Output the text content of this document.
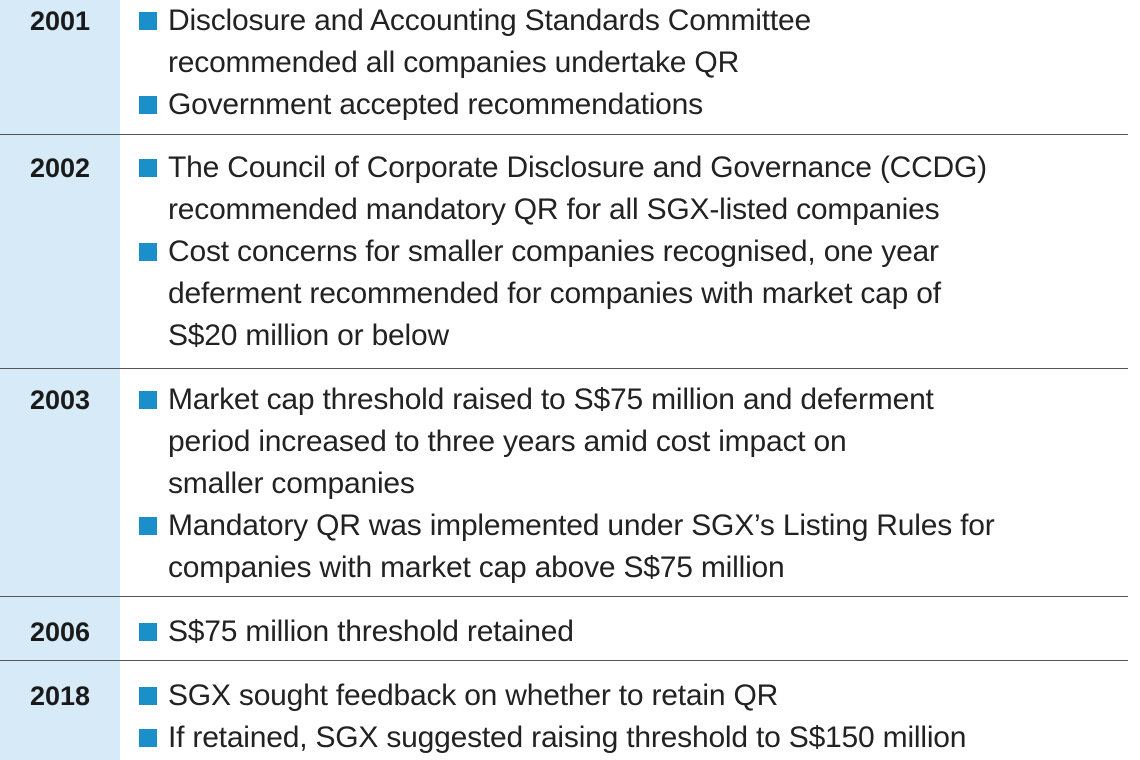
2001	Disclosure and Accounting Standards Committee
recommended all companies undertake QR
Government accepted recommendations
2002	The Council of Corporate Disclosure and Governance (CCDG)
recommended mandatory QR for all SGX-listed companies
Cost concerns for smaller companies recognised, one year
deferment recommended for companies with market cap of
S$20 million or below
2003	Market cap threshold raised to S$75 million and deferment
period increased to three years amid cost impact on
smaller companies
Mandatory QR was implemented under SGX’s Listing Rules for
companies with market cap above S$75 million
2006	S$75 million threshold retained
2018	SGX sought feedback on whether to retain QR
If retained, SGX suggested raising threshold to S$150 million
